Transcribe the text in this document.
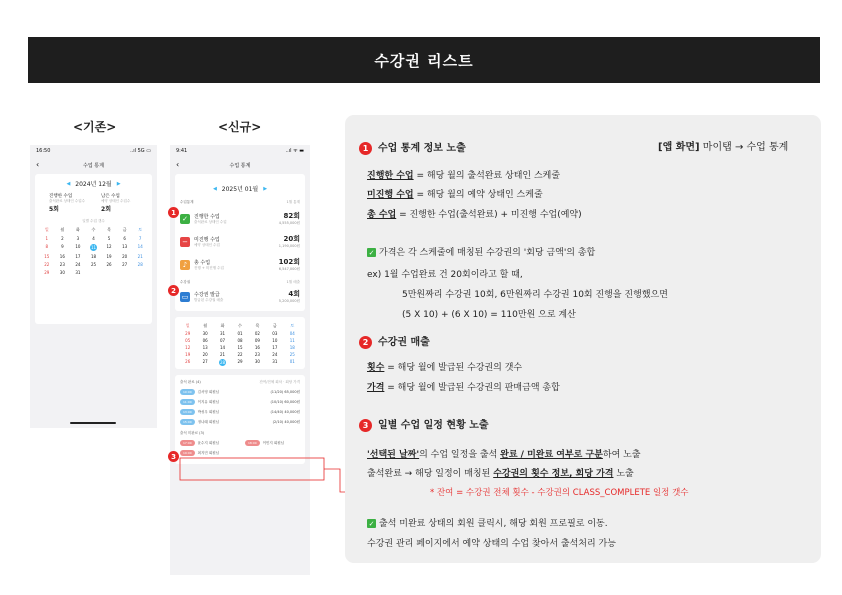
수강권 리스트
<기존>	<신규>
16:50	..ıl 5G ▭
‹	수업 통계
◀ 2024년 12월 ▶
진행한 수업
출석완료 상태인 수업수
5회
남은 수업
예약 상태인 수업수
2회
일별 수업 갯수
일	월	화	수	목	금	토
1	2	3	4	5	6	7
8	9	10	11	12	13	14
15	16	17	18	19	20	21
22	23	24	25	26	27	28
29	30	31
9:41	..ıl ᯤ ▬
‹	수업 통계
◀ 2025년 01월 ▶
수업통계	1월 통계
✓	진행한 수업
출석완료 상태인 수업
82회
4,555,000원
−	미진행 수업
예약 상태인 수업
20회
1,190,000원
♪	총 수업
진행 + 미진행 수업
102회
6,547,000원
수강권	1월 매출
▭	수강권 발급
발급된 수강권 매출
4회
5,200,000원
일	월	화	수	목	금	토
29	30	31	01	02	03	04
05	06	07	08	09	10	11
12	13	14	15	16	17	18
19	20	21	22	23	24	25
26	27	28	29	30	31	01
출석 완료 (4)	잔여/전체 회차 · 회당 가격
10:00	김서영 회원님	(11/20) 65,000원
11:00	이지유 회원님	(10/10) 60,000원
13:00	박성우 회원님	(14/40) 40,000원
15:00	정나래 회원님	(2/10) 40,000원
출석 미완료 (3)
17:00	윤수지 회원님	18:00	이민지 회원님
19:00	최지민 회원님
1
2
3
1 수업 통계 정보 노출	[앱 화면] 마이탭 → 수업 통계
진행한 수업 = 해당 월의 출석완료 상태인 스케줄
미진행 수업 = 해당 월의 예약 상태인 스케줄
총 수업 = 진행한 수업(출석완료) + 미진행 수업(예약)
✓ 가격은 각 스케줄에 매칭된 수강권의 '회당 금액'의 총합
ex) 1월 수업완료 건 20회이라고 할 때,
5만원짜리 수강권 10회, 6만원짜리 수강권 10회 진행을 진행했으면
(5 X 10) + (6 X 10) = 110만원 으로 계산
2 수강권 매출
횟수 = 해당 월에 발급된 수강권의 갯수
가격 = 해당 월에 발급된 수강권의 판매금액 총합
3 일별 수업 일정 현황 노출
'선택된 날짜'의 수업 일정을 출석 완료 / 미완료 여부로 구분하여 노출
출석완료 → 해당 일정이 매칭된 수강권의 횟수 정보, 회당 가격 노출
* 잔여 = 수강권 전체 횟수 - 수강권의 CLASS_COMPLETE 일정 갯수
✓ 출석 미완료 상태의 회원 클릭시, 해당 회원 프로필로 이동.
수강권 관리 페이지에서 예약 상태의 수업 찾아서 출석처리 가능
